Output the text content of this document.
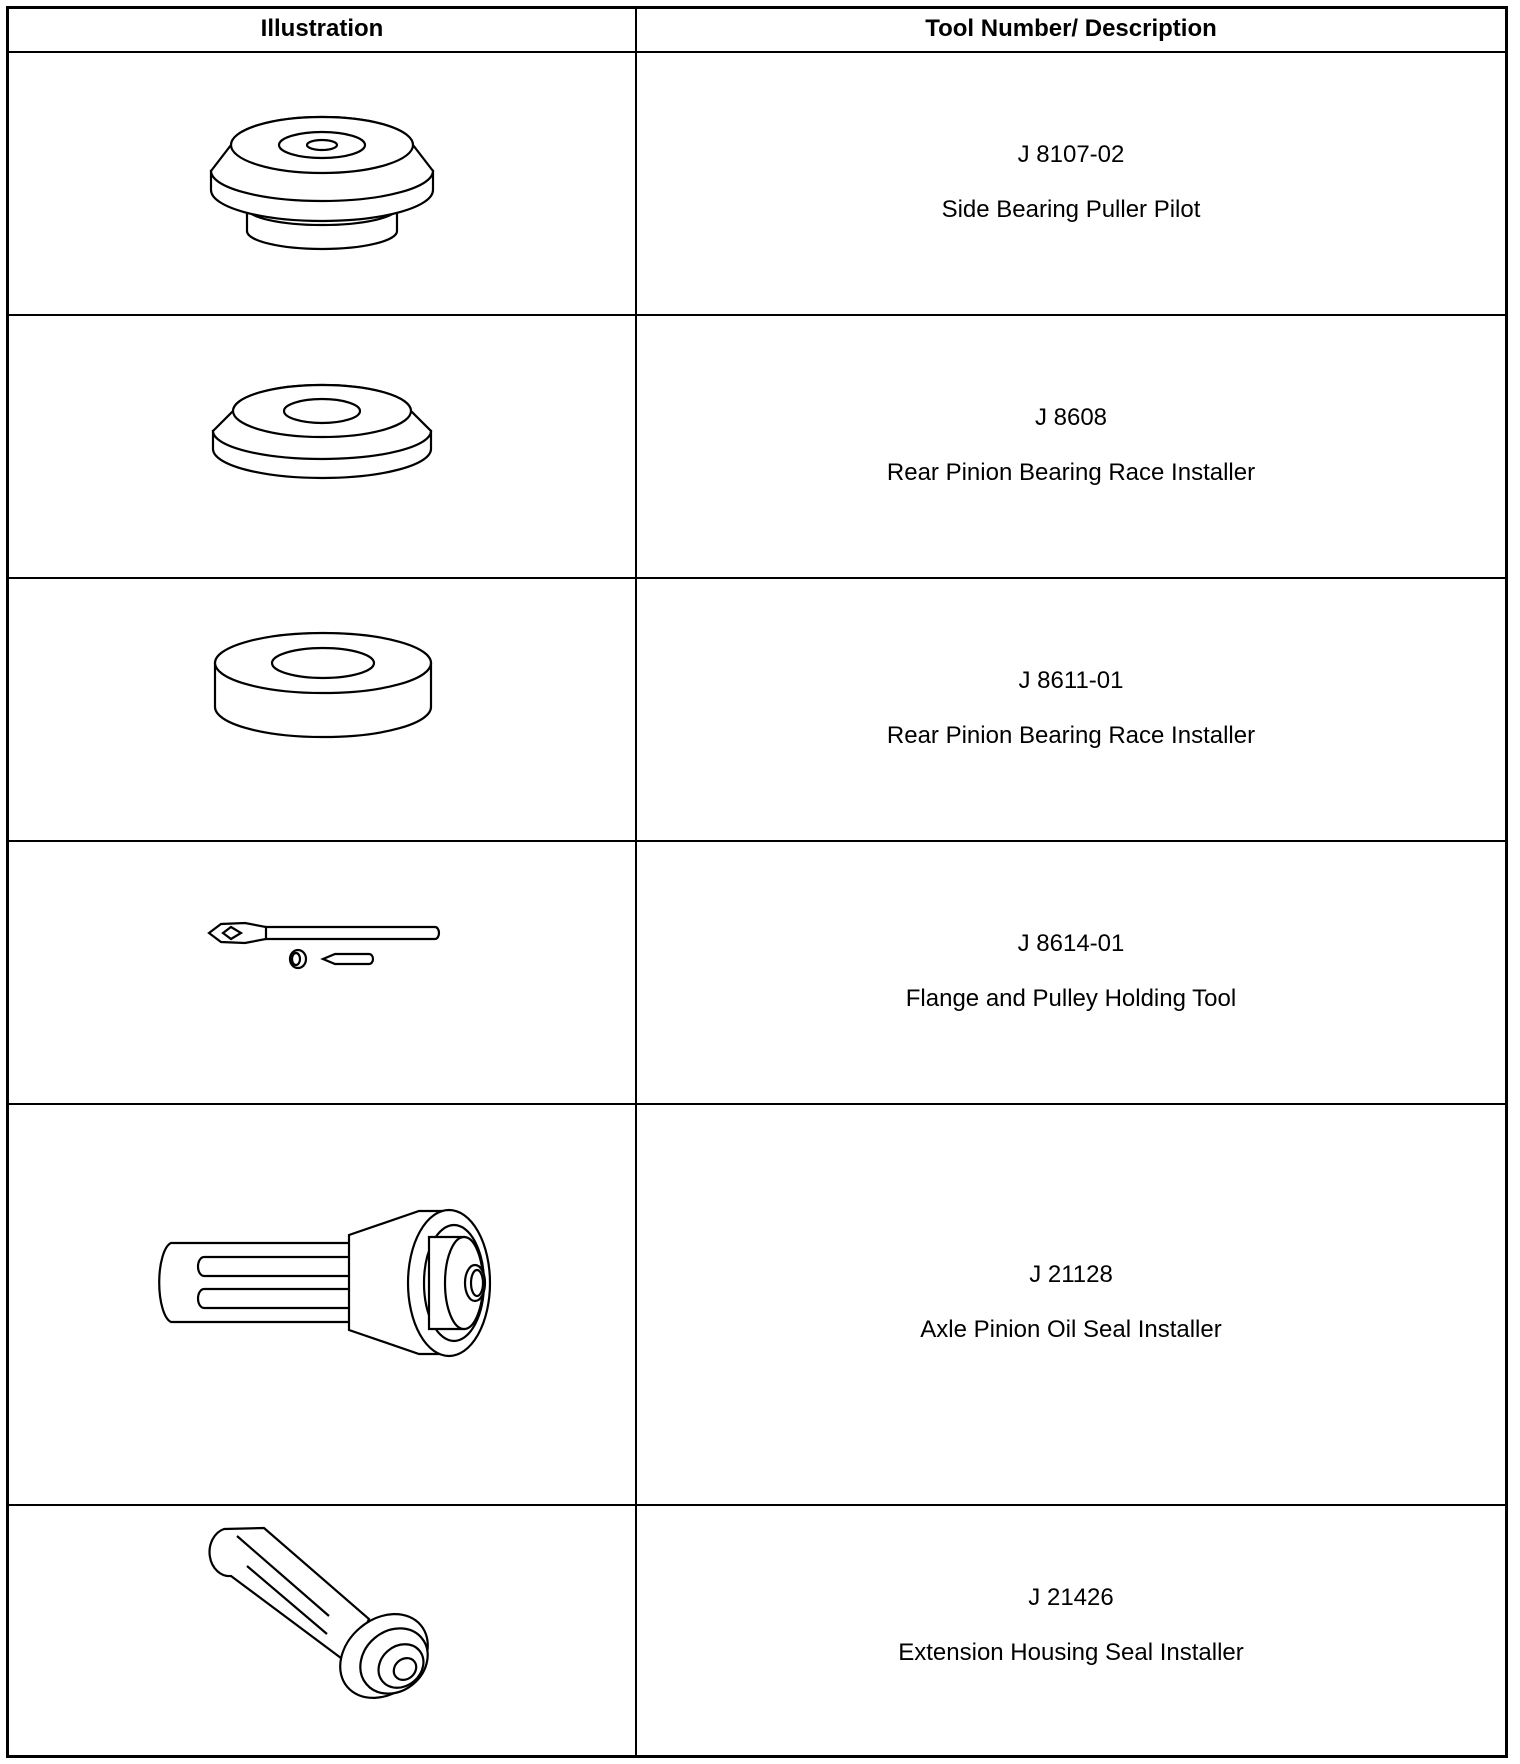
Illustration	Tool Number/ Description
J 8107-02
Side Bearing Puller Pilot
J 8608
Rear Pinion Bearing Race Installer
J 8611-01
Rear Pinion Bearing Race Installer
J 8614-01
Flange and Pulley Holding Tool
J 21128
Axle Pinion Oil Seal Installer
J 21426
Extension Housing Seal Installer
